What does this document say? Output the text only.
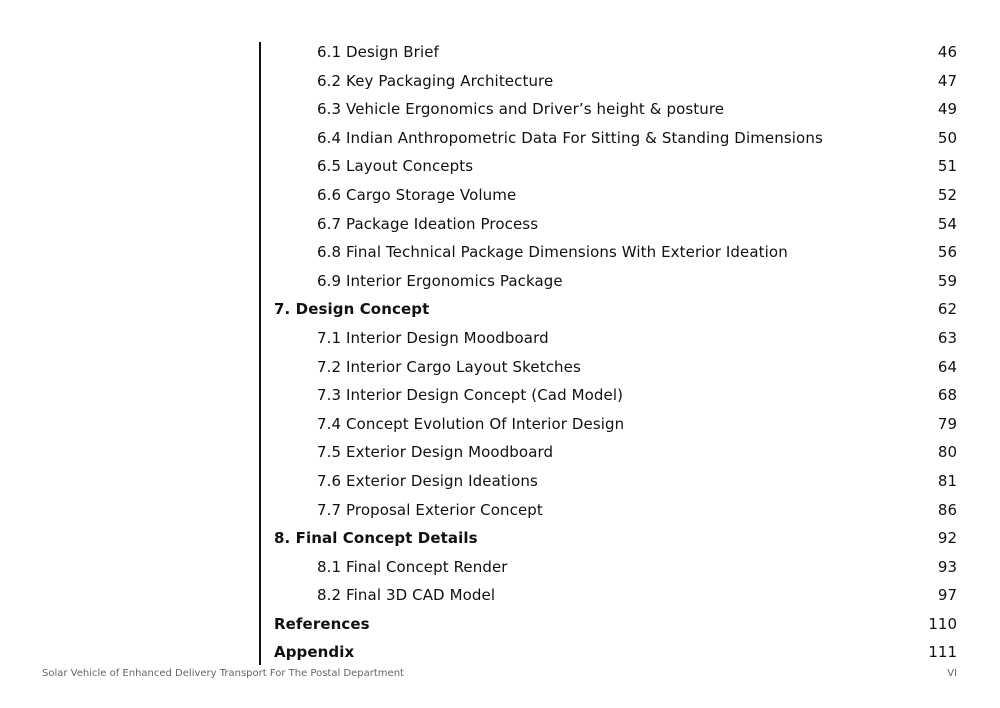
6.1 Design Brief	46
6.2 Key Packaging Architecture	47
6.3 Vehicle Ergonomics and Driver’s height & posture	49
6.4 Indian Anthropometric Data For Sitting & Standing Dimensions	50
6.5 Layout Concepts	51
6.6 Cargo Storage Volume	52
6.7 Package Ideation Process	54
6.8 Final Technical Package Dimensions With Exterior Ideation	56
6.9 Interior Ergonomics Package	59
7. Design Concept	62
7.1 Interior Design Moodboard	63
7.2 Interior Cargo Layout Sketches	64
7.3 Interior Design Concept (Cad Model)	68
7.4 Concept Evolution Of Interior Design	79
7.5 Exterior Design Moodboard	80
7.6 Exterior Design Ideations	81
7.7 Proposal Exterior Concept	86
8. Final Concept Details	92
8.1 Final Concept Render	93
8.2 Final 3D CAD Model	97
References	110
Appendix	111
Solar Vehicle of Enhanced Delivery Transport For The Postal Department	VI
